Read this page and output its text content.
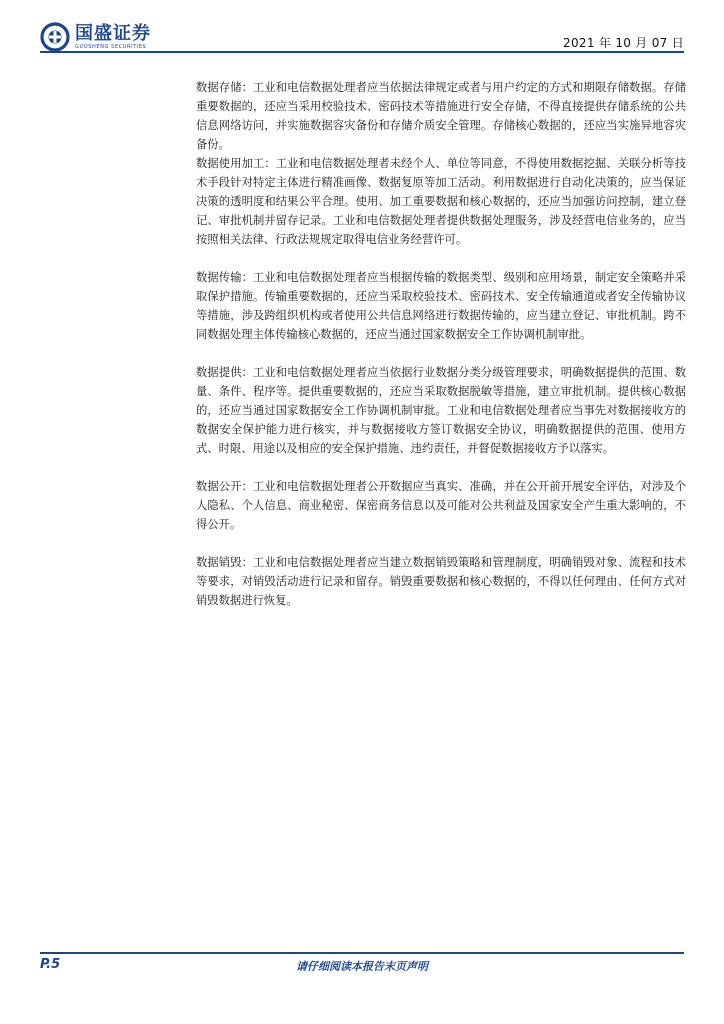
国盛证券
GUOSHENG SECURITIES	2021 年 10 月 07 日

数据存储：工业和电信数据处理者应当依据法律规定或者与用户约定的方式和期限存储数据。存储重要数据的，还应当采用校验技术、密码技术等措施进行安全存储，不得直接提供存储系统的公共信息网络访问，并实施数据容灾备份和存储介质安全管理。存储核心数据的，还应当实施异地容灾备份。

数据使用加工：工业和电信数据处理者未经个人、单位等同意，不得使用数据挖掘、关联分析等技术手段针对特定主体进行精准画像、数据复原等加工活动。利用数据进行自动化决策的，应当保证决策的透明度和结果公平合理。使用、加工重要数据和核心数据的，还应当加强访问控制，建立登记、审批机制并留存记录。工业和电信数据处理者提供数据处理服务，涉及经营电信业务的，应当按照相关法律、行政法规规定取得电信业务经营许可。

数据传输：工业和电信数据处理者应当根据传输的数据类型、级别和应用场景，制定安全策略并采取保护措施。传输重要数据的，还应当采取校验技术、密码技术、安全传输通道或者安全传输协议等措施，涉及跨组织机构或者使用公共信息网络进行数据传输的，应当建立登记、审批机制。跨不同数据处理主体传输核心数据的，还应当通过国家数据安全工作协调机制审批。

数据提供：工业和电信数据处理者应当依据行业数据分类分级管理要求，明确数据提供的范围、数量、条件、程序等。提供重要数据的，还应当采取数据脱敏等措施，建立审批机制。提供核心数据的，还应当通过国家数据安全工作协调机制审批。工业和电信数据处理者应当事先对数据接收方的数据安全保护能力进行核实，并与数据接收方签订数据安全协议，明确数据提供的范围、使用方式、时限、用途以及相应的安全保护措施、违约责任，并督促数据接收方予以落实。

数据公开：工业和电信数据处理者公开数据应当真实、准确，并在公开前开展安全评估，对涉及个人隐私、个人信息、商业秘密、保密商务信息以及可能对公共利益及国家安全产生重大影响的，不得公开。

数据销毁：工业和电信数据处理者应当建立数据销毁策略和管理制度，明确销毁对象、流程和技术等要求，对销毁活动进行记录和留存。销毁重要数据和核心数据的，不得以任何理由、任何方式对销毁数据进行恢复。

P.5	请仔细阅读本报告末页声明
